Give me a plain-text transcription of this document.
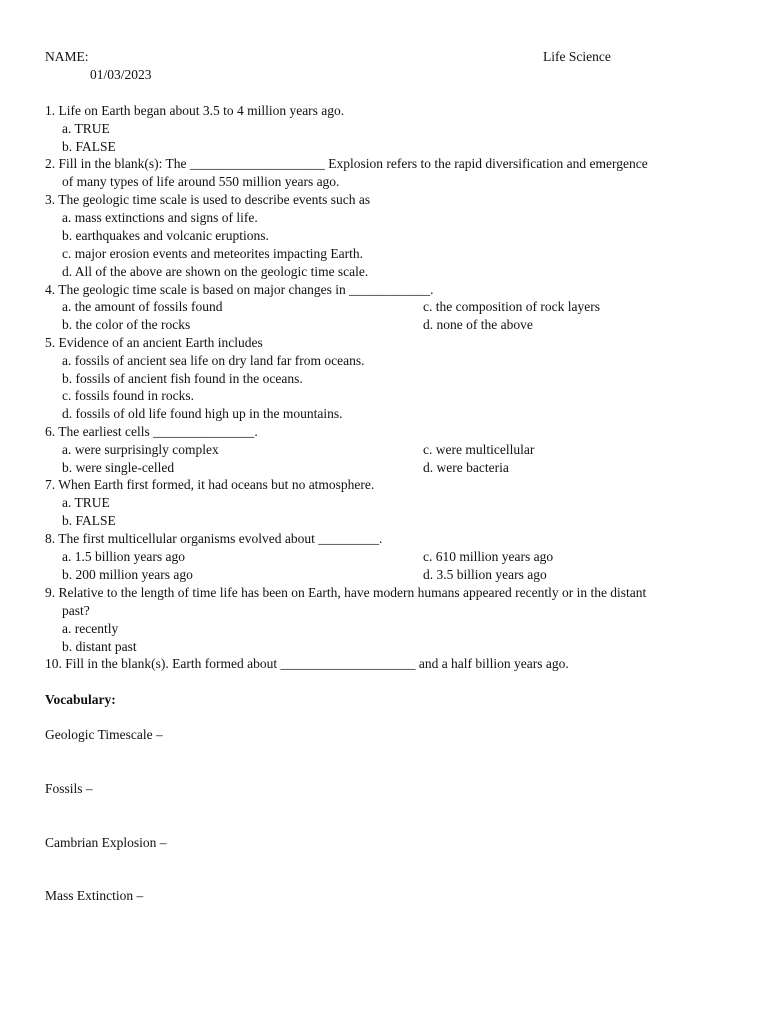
NAME:	Life Science
01/03/2023
1. Life on Earth began about 3.5 to 4 million years ago.
a. TRUE
b. FALSE
2. Fill in the blank(s): The ____________________ Explosion refers to the rapid diversification and emergence
of many types of life around 550 million years ago.
3. The geologic time scale is used to describe events such as
a. mass extinctions and signs of life.
b. earthquakes and volcanic eruptions.
c. major erosion events and meteorites impacting Earth.
d. All of the above are shown on the geologic time scale.
4. The geologic time scale is based on major changes in ____________.
a. the amount of fossils found	c. the composition of rock layers
b. the color of the rocks	d. none of the above
5. Evidence of an ancient Earth includes
a. fossils of ancient sea life on dry land far from oceans.
b. fossils of ancient fish found in the oceans.
c. fossils found in rocks.
d. fossils of old life found high up in the mountains.
6. The earliest cells _______________.
a. were surprisingly complex	c. were multicellular
b. were single-celled	d. were bacteria
7. When Earth first formed, it had oceans but no atmosphere.
a. TRUE
b. FALSE
8. The first multicellular organisms evolved about _________.
a. 1.5 billion years ago	c. 610 million years ago
b. 200 million years ago	d. 3.5 billion years ago
9. Relative to the length of time life has been on Earth, have modern humans appeared recently or in the distant
past?
a. recently
b. distant past
10. Fill in the blank(s). Earth formed about ____________________ and a half billion years ago.
Vocabulary:
Geologic Timescale –
Fossils –
Cambrian Explosion –
Mass Extinction –
